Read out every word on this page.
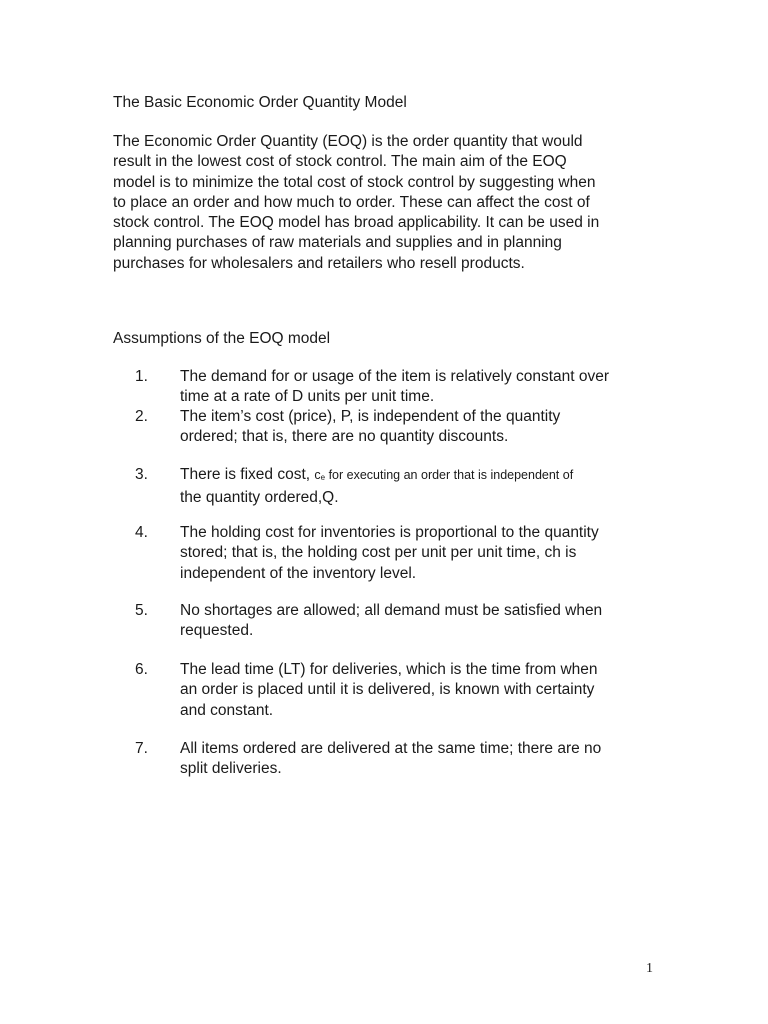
The Basic Economic Order Quantity Model
The Economic Order Quantity (EOQ) is the order quantity that would
result in the lowest cost of stock control. The main aim of the EOQ
model is to minimize the total cost of stock control by suggesting when
to place an order and how much to order. These can affect the cost of
stock control. The EOQ model has broad applicability. It can be used in
planning purchases of raw materials and supplies and in planning
purchases for wholesalers and retailers who resell products.
Assumptions of the EOQ model
1.	The demand for or usage of the item is relatively constant over
time at a rate of D units per unit time.
2.	The item’s cost (price), P, is independent of the quantity
ordered; that is, there are no quantity discounts.
3.	There is fixed cost, ce for executing an order that is independent of
the quantity ordered,Q.
4.	The holding cost for inventories is proportional to the quantity
stored; that is, the holding cost per unit per unit time, ch is
independent of the inventory level.
5.	No shortages are allowed; all demand must be satisfied when
requested.
6.	The lead time (LT) for deliveries, which is the time from when
an order is placed until it is delivered, is known with certainty
and constant.
7.	All items ordered are delivered at the same time; there are no
split deliveries.
1
